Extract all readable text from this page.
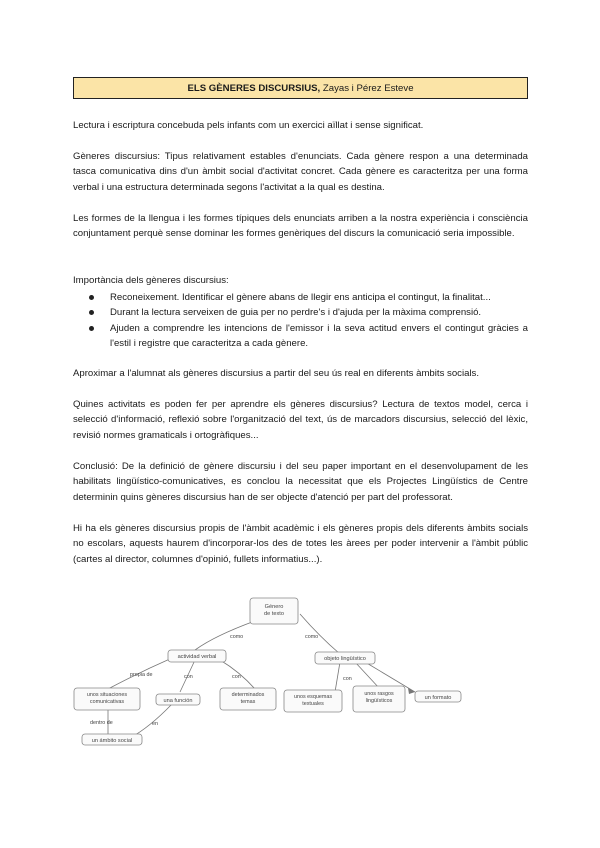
ELS GÈNERES DISCURSIUS, Zayas i Pérez Esteve

Lectura i escriptura concebuda pels infants com un exercici aïllat i sense significat.

Gèneres discursius: Tipus relativament estables d'enunciats. Cada gènere respon a una determinada tasca comunicativa dins d'un àmbit social d'activitat concret. Cada gènere es caracteritza per una forma verbal i una estructura determinada segons l'activitat a la qual es destina.

Les formes de la llengua i les formes típiques dels enunciats arriben a la nostra experiència i consciència conjuntament perquè sense dominar les formes genèriques del discurs la comunicació seria impossible.

Importància dels gèneres discursius:

Reconeixement. Identificar el gènere abans de llegir ens anticipa el contingut, la finalitat...
Durant la lectura serveixen de guia per no perdre's i d'ajuda per la màxima comprensió.
Ajuden a comprendre les intencions de l'emissor i la seva actitud envers el contingut gràcies a l'estil i registre que caracteritza a cada gènere.

Aproximar a l'alumnat als gèneres discursius a partir del seu ús real en diferents àmbits socials.

Quines activitats es poden fer per aprendre els gèneres discursius? Lectura de textos model, cerca i selecció d'informació, reflexió sobre l'organització del text, ús de marcadors discursius, selecció del lèxic, revisió normes gramaticals i ortogràfiques...

Conclusió: De la definició de gènere discursiu i del seu paper important en el desenvolupament de les habilitats lingüístico-comunicatives, es conclou la necessitat que els Projectes Lingüístics de Centre determinin quins gèneres discursius han de ser objecte d'atenció per part del professorat.

Hi ha els gèneres discursius propis de l'àmbit acadèmic i els gèneres propis dels diferents àmbits socials no escolars, aquests haurem d'incorporar-los des de totes les àrees per poder intervenir a l'àmbit públic (cartes al director, columnes d'opinió, fullets informatius...).

Género de texto
actividad verbal	objeto lingüístico
unos situaciones comunicativas	una función
determinados temas
un ámbito social
unos esquemas textuales
unos rasgos lingüísticos	un formato
como	como
propia de	con	con	con
dentro de	en
